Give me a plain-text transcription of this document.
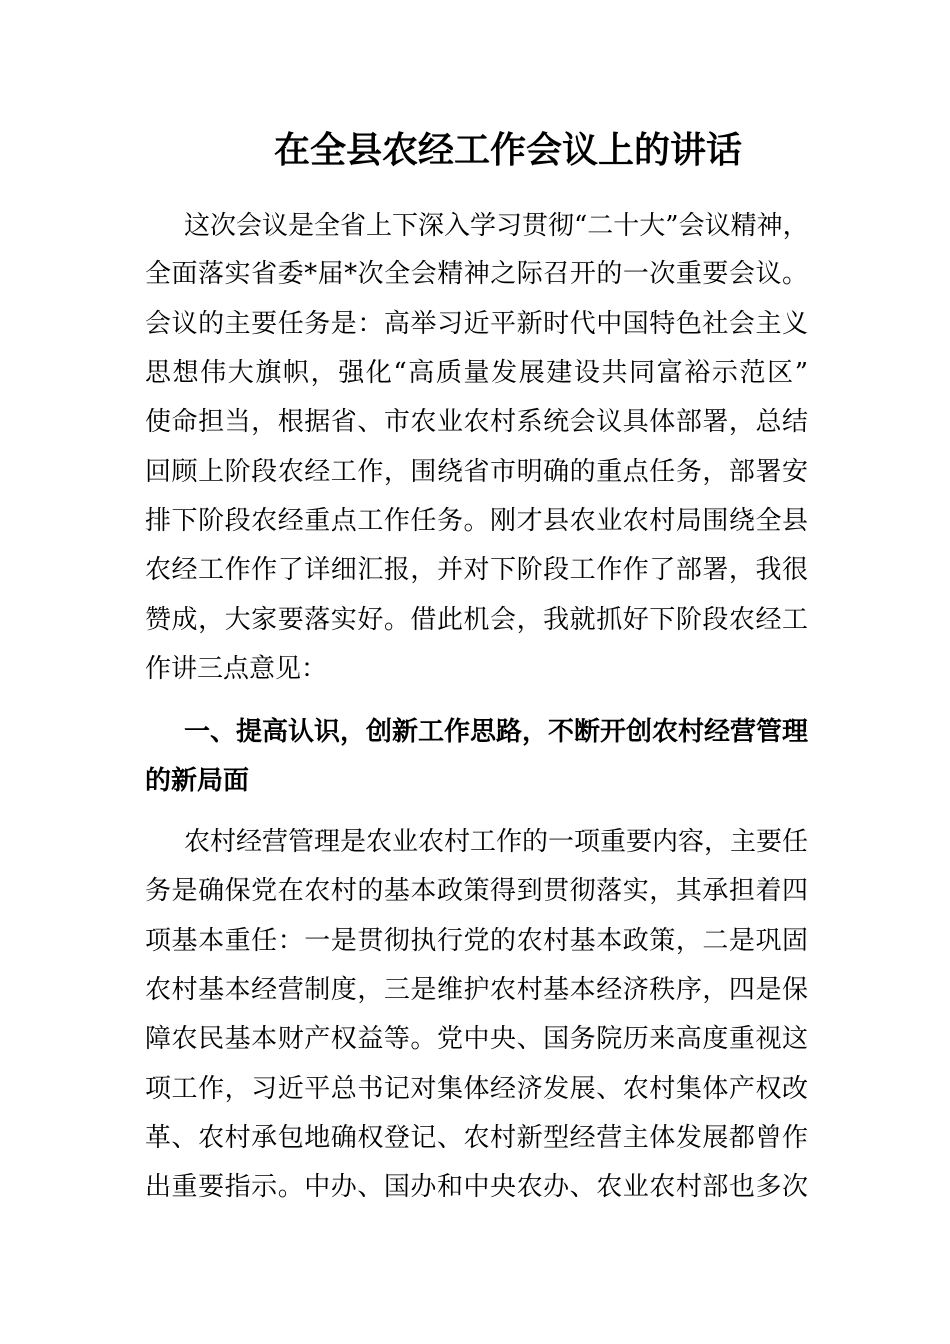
在全县农经工作会议上的讲话
这次会议是全省上下深入学习贯彻“二十大”会议精神，
全面落实省委*届*次全会精神之际召开的一次重要会议。
会议的主要任务是：高举习近平新时代中国特色社会主义
思想伟大旗帜，强化“高质量发展建设共同富裕示范区”
使命担当，根据省、市农业农村系统会议具体部署，总结
回顾上阶段农经工作，围绕省市明确的重点任务，部署安
排下阶段农经重点工作任务。刚才县农业农村局围绕全县
农经工作作了详细汇报，并对下阶段工作作了部署，我很
赞成，大家要落实好。借此机会，我就抓好下阶段农经工
作讲三点意见：
一、提高认识，创新工作思路，不断开创农村经营管理
的新局面
农村经营管理是农业农村工作的一项重要内容，主要任
务是确保党在农村的基本政策得到贯彻落实，其承担着四
项基本重任：一是贯彻执行党的农村基本政策，二是巩固
农村基本经营制度，三是维护农村基本经济秩序，四是保
障农民基本财产权益等。党中央、国务院历来高度重视这
项工作，习近平总书记对集体经济发展、农村集体产权改
革、农村承包地确权登记、农村新型经营主体发展都曾作
出重要指示。中办、国办和中央农办、农业农村部也多次
